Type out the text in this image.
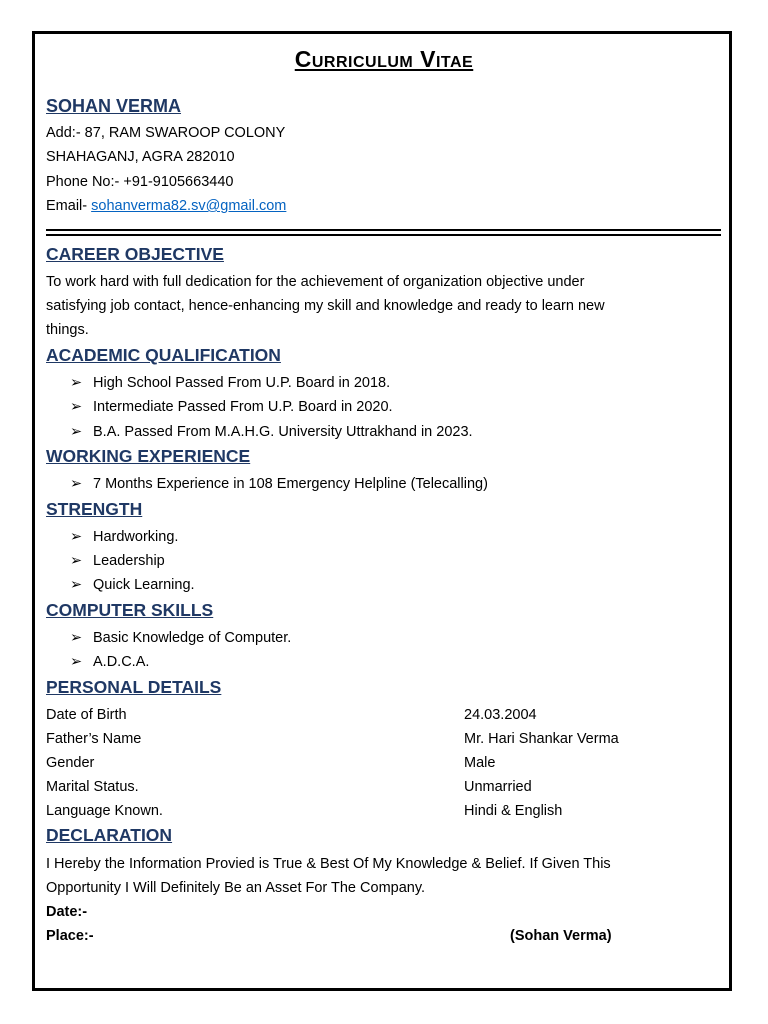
Curriculum Vitae
SOHAN VERMA
Add:- 87, RAM SWAROOP COLONY
SHAHAGANJ, AGRA 282010
Phone No:- +91-9105663440
Email- sohanverma82.sv@gmail.com
CAREER OBJECTIVE
To work hard with full dedication for the achievement of organization objective under
satisfying job contact, hence-enhancing my skill and knowledge and ready to learn new
things.
ACADEMIC QUALIFICATION
➢ High School Passed From U.P. Board in 2018.
➢ Intermediate Passed From U.P. Board in 2020.
➢ B.A. Passed From M.A.H.G. University Uttrakhand in 2023.
WORKING EXPERIENCE
➢ 7 Months Experience in 108 Emergency Helpline (Telecalling)
STRENGTH
➢ Hardworking.
➢ Leadership
➢ Quick Learning.
COMPUTER SKILLS
➢ Basic Knowledge of Computer.
➢ A.D.C.A.
PERSONAL DETAILS
Date of Birth	24.03.2004
Father’s Name	Mr. Hari Shankar Verma
Gender	Male
Marital Status.	Unmarried
Language Known.	Hindi & English
DECLARATION
I Hereby the Information Provied is True & Best Of My Knowledge & Belief. If Given This
Opportunity I Will Definitely Be an Asset For The Company.
Date:-
Place:-	(Sohan Verma)
